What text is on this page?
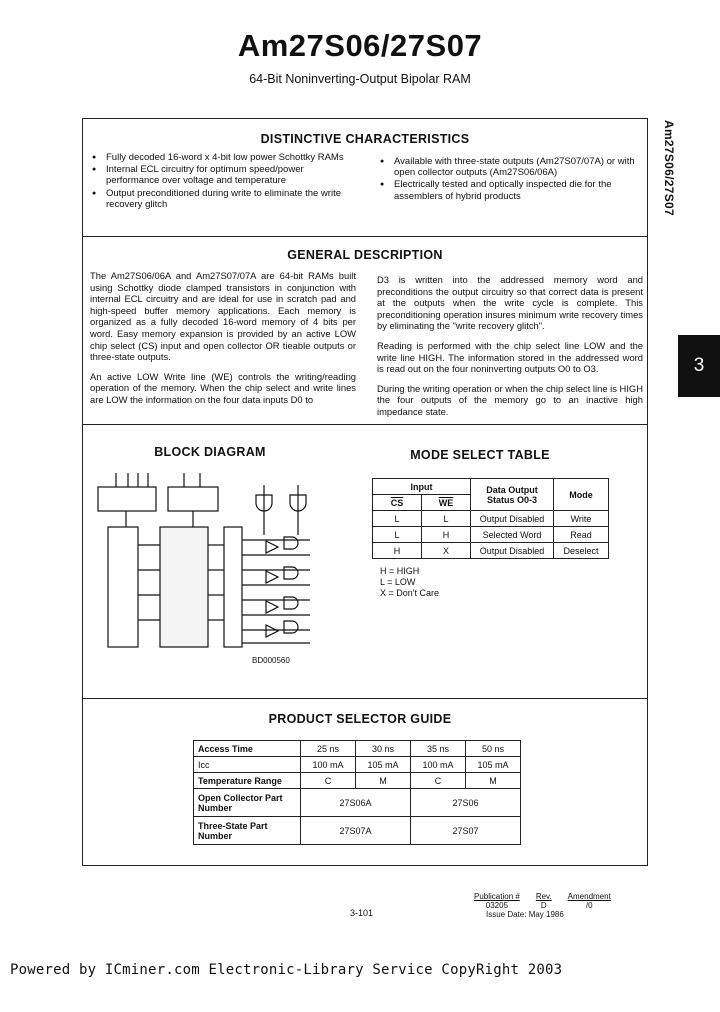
Am27S06/27S07
64-Bit Noninverting-Output Bipolar RAM
Am27S06/27S07
3
DISTINCTIVE CHARACTERISTICS
● Fully decoded 16-word x 4-bit low power Schottky RAMs
● Internal ECL circuitry for optimum speed/power performance over voltage and temperature
● Output preconditioned during write to eliminate the write recovery glitch
● Available with three-state outputs (Am27S07/07A) or with open collector outputs (Am27S06/06A)
● Electrically tested and optically inspected die for the assemblers of hybrid products
GENERAL DESCRIPTION

The Am27S06/06A and Am27S07/07A are 64-bit RAMs built using Schottky diode clamped transistors in conjunction with internal ECL circuitry and are ideal for use in scratch pad and high-speed buffer memory applications. Each memory is organized as a fully decoded 16-word memory of 4 bits per word. Easy memory expansion is provided by an active LOW chip select (CS) input and open collector OR tieable outputs or three-state outputs.

An active LOW Write line (WE) controls the writing/reading operation of the memory. When the chip select and write lines are LOW the information on the four data inputs D0 to

D3 is written into the addressed memory word and preconditions the output circuitry so that correct data is present at the outputs when the write cycle is complete. This preconditioning operation insures minimum write recovery times by eliminating the "write recovery glitch".

Reading is performed with the chip select line LOW and the write line HIGH. The information stored in the addressed word is read out on the four noninverting outputs O0 to O3.

During the writing operation or when the chip select line is HIGH the four outputs of the memory go to an inactive high impedance state.

BLOCK DIAGRAM
BD000560
MODE SELECT TABLE
Input		Data Output Status O0-3	Mode
$\overline{CS}$	$\overline{WE}$
L	L	Output Disabled	Write
L	H	Selected Word	Read
H	X	Output Disabled	Deselect
H = HIGH
L = LOW
X = Don't Care
PRODUCT SELECTOR GUIDE
Access Time	25 ns	30 ns	35 ns	50 ns
Icc	100 mA	105 mA	100 mA	105 mA
Temperature Range	C	M	C	M
Open Collector Part Number	27S06A		27S06	
Three-State Part Number	27S07A		27S07	
Publication #	Rev.	Amendment
03205	D	/0
Issue Date: May 1986		
3-101
Powered by ICminer.com Electronic-Library Service CopyRight 2003
